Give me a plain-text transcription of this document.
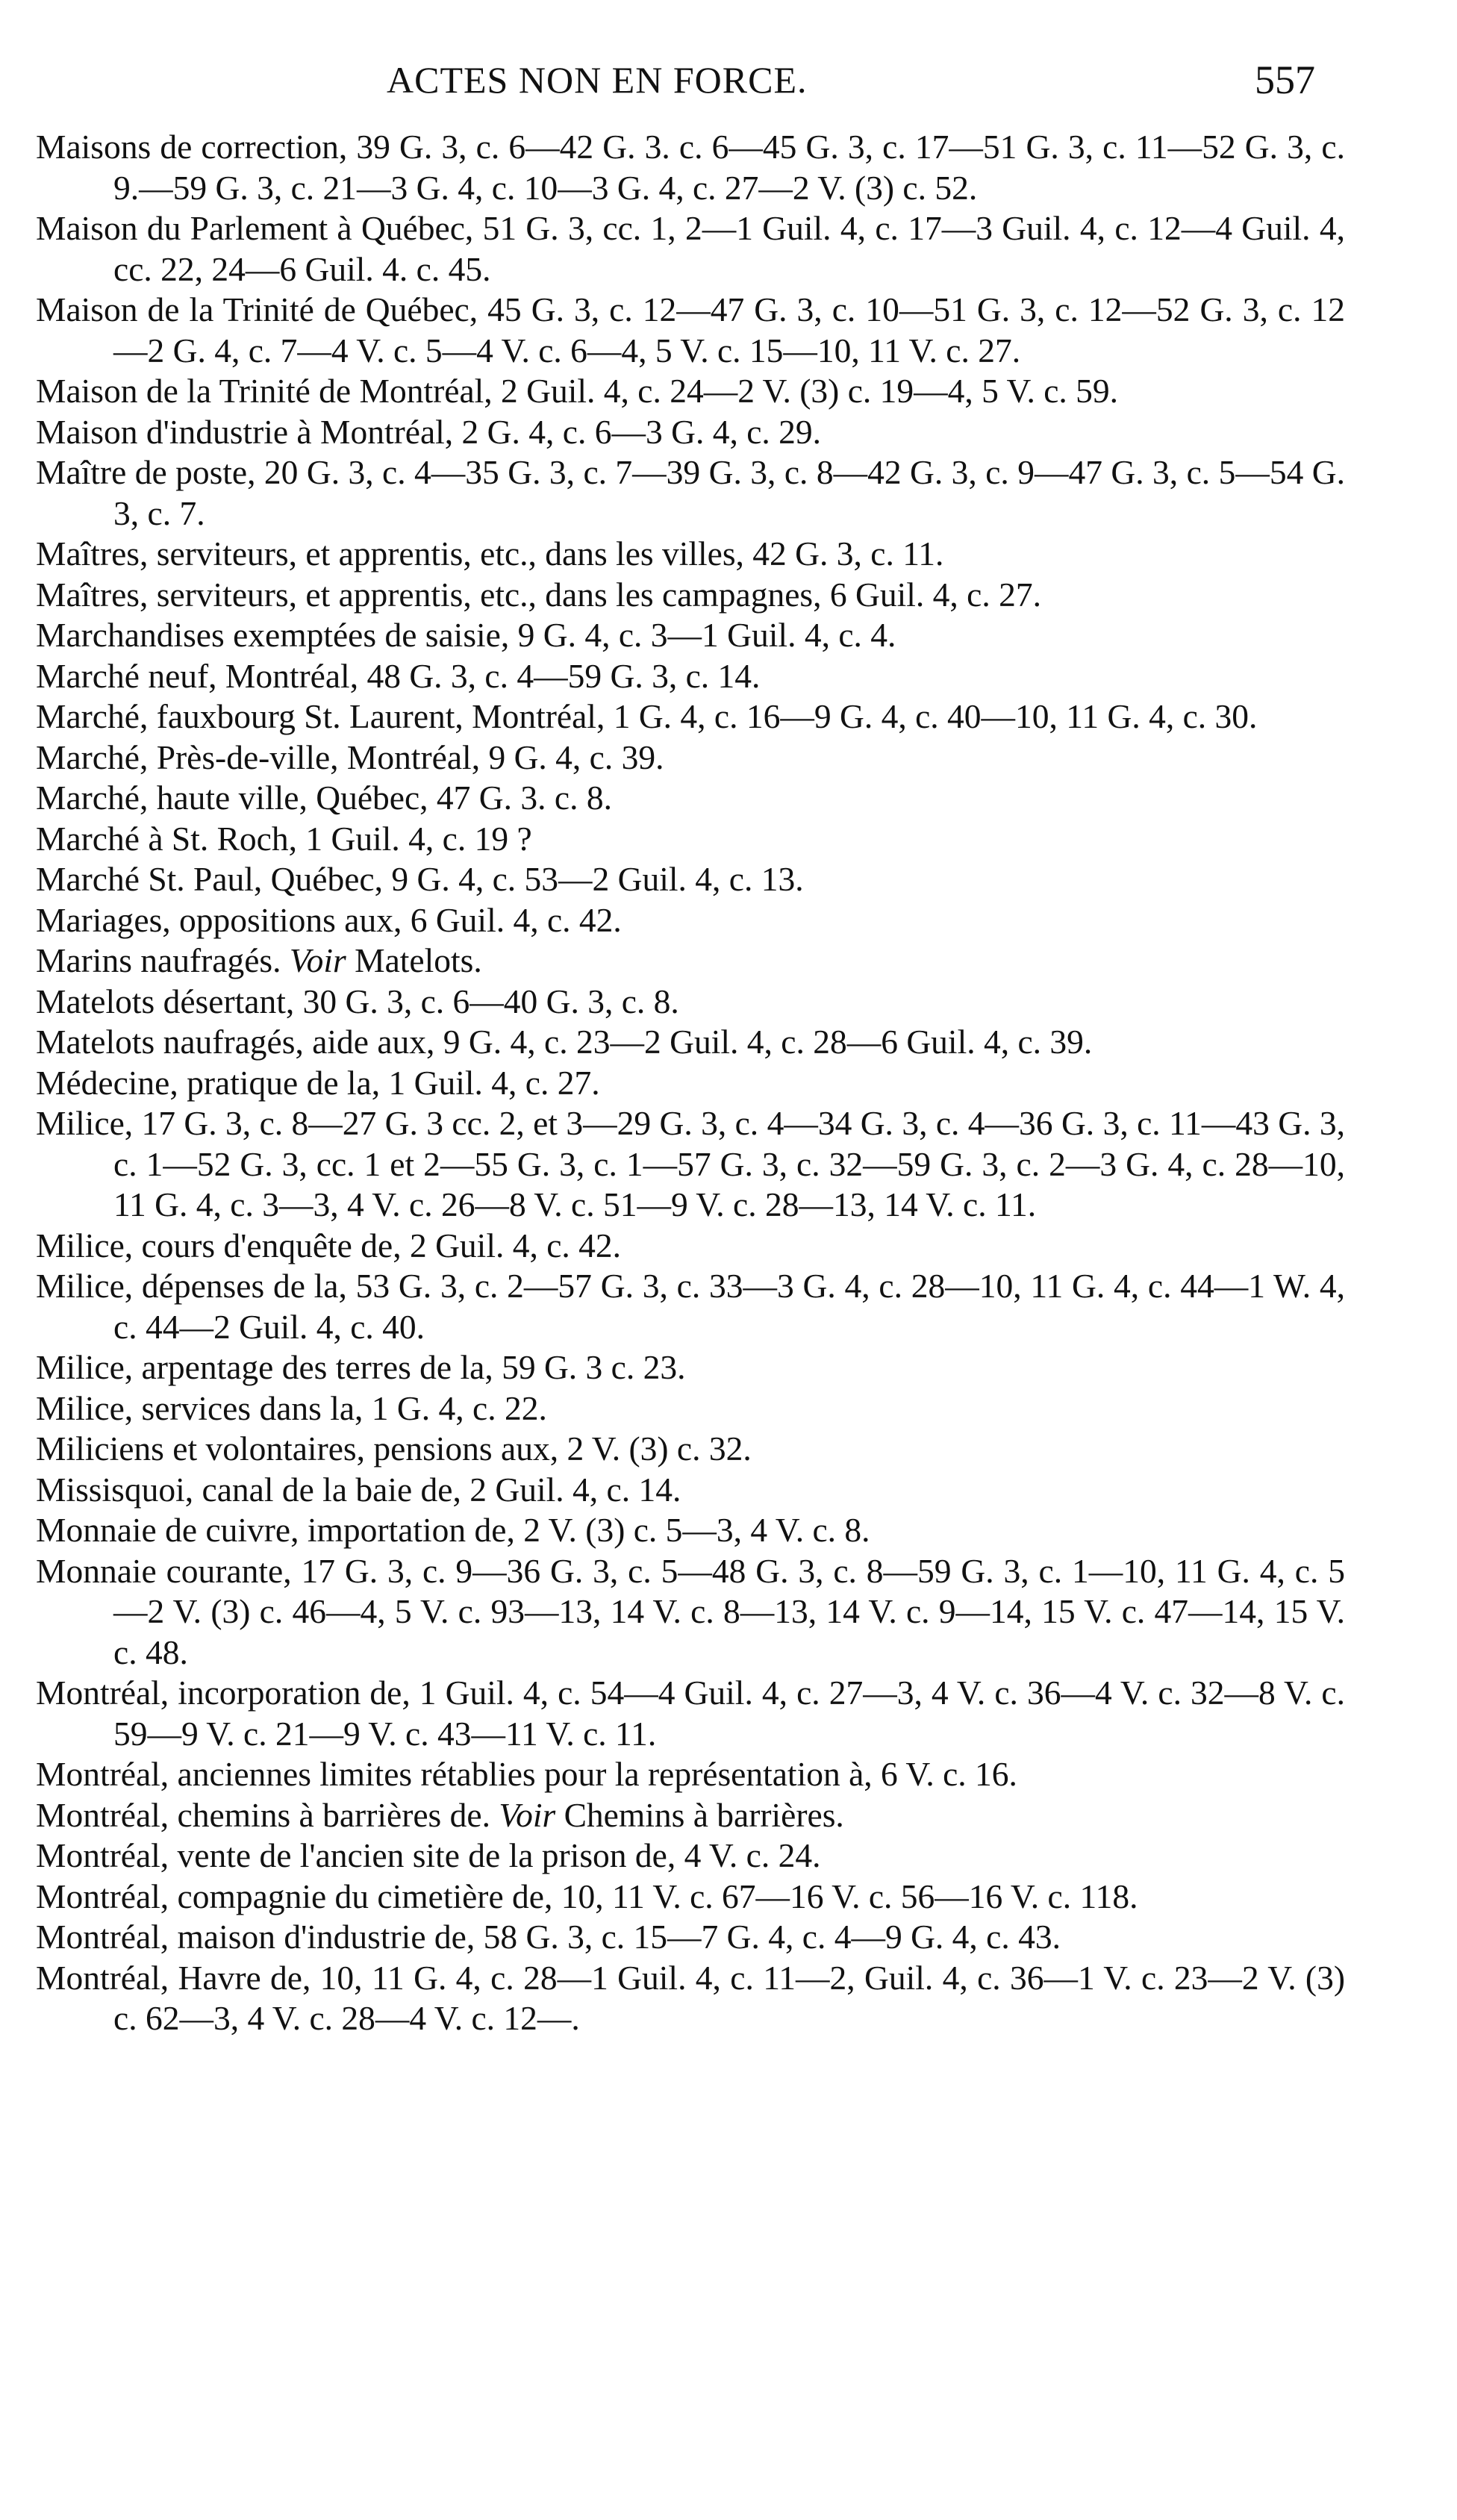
ACTES NON EN FORCE.	557
Maisons de correction, 39 G. 3, c. 6—42 G. 3. c. 6—45 G. 3, c. 17—51 G. 3, c. 11—52 G. 3, c. 9.—59 G. 3, c. 21—3 G. 4, c. 10—3 G. 4, c. 27—2 V. (3) c. 52.
Maison du Parlement à Québec, 51 G. 3, cc. 1, 2—1 Guil. 4, c. 17—3 Guil. 4, c. 12—4 Guil. 4, cc. 22, 24—6 Guil. 4. c. 45.
Maison de la Trinité de Québec, 45 G. 3, c. 12—47 G. 3, c. 10—51 G. 3, c. 12—52 G. 3, c. 12—2 G. 4, c. 7—4 V. c. 5—4 V. c. 6—4, 5 V. c. 15—10, 11 V. c. 27.
Maison de la Trinité de Montréal, 2 Guil. 4, c. 24—2 V. (3) c. 19—4, 5 V. c. 59.
Maison d'industrie à Montréal, 2 G. 4, c. 6—3 G. 4, c. 29.
Maître de poste, 20 G. 3, c. 4—35 G. 3, c. 7—39 G. 3, c. 8—42 G. 3, c. 9—47 G. 3, c. 5—54 G. 3, c. 7.
Maîtres, serviteurs, et apprentis, etc., dans les villes, 42 G. 3, c. 11.
Maîtres, serviteurs, et apprentis, etc., dans les campagnes, 6 Guil. 4, c. 27.
Marchandises exemptées de saisie, 9 G. 4, c. 3—1 Guil. 4, c. 4.
Marché neuf, Montréal, 48 G. 3, c. 4—59 G. 3, c. 14.
Marché, fauxbourg St. Laurent, Montréal, 1 G. 4, c. 16—9 G. 4, c. 40—10, 11 G. 4, c. 30.
Marché, Près-de-ville, Montréal, 9 G. 4, c. 39.
Marché, haute ville, Québec, 47 G. 3. c. 8.
Marché à St. Roch, 1 Guil. 4, c. 19 ?
Marché St. Paul, Québec, 9 G. 4, c. 53—2 Guil. 4, c. 13.
Mariages, oppositions aux, 6 Guil. 4, c. 42.
Marins naufragés. Voir Matelots.
Matelots désertant, 30 G. 3, c. 6—40 G. 3, c. 8.
Matelots naufragés, aide aux, 9 G. 4, c. 23—2 Guil. 4, c. 28—6 Guil. 4, c. 39.
Médecine, pratique de la, 1 Guil. 4, c. 27.
Milice, 17 G. 3, c. 8—27 G. 3 cc. 2, et 3—29 G. 3, c. 4—34 G. 3, c. 4—36 G. 3, c. 11—43 G. 3, c. 1—52 G. 3, cc. 1 et 2—55 G. 3, c. 1—57 G. 3, c. 32—59 G. 3, c. 2—3 G. 4, c. 28—10, 11 G. 4, c. 3—3, 4 V. c. 26—8 V. c. 51—9 V. c. 28—13, 14 V. c. 11.
Milice, cours d'enquête de, 2 Guil. 4, c. 42.
Milice, dépenses de la, 53 G. 3, c. 2—57 G. 3, c. 33—3 G. 4, c. 28—10, 11 G. 4, c. 44—1 W. 4, c. 44—2 Guil. 4, c. 40.
Milice, arpentage des terres de la, 59 G. 3 c. 23.
Milice, services dans la, 1 G. 4, c. 22.
Miliciens et volontaires, pensions aux, 2 V. (3) c. 32.
Missisquoi, canal de la baie de, 2 Guil. 4, c. 14.
Monnaie de cuivre, importation de, 2 V. (3) c. 5—3, 4 V. c. 8.
Monnaie courante, 17 G. 3, c. 9—36 G. 3, c. 5—48 G. 3, c. 8—59 G. 3, c. 1—10, 11 G. 4, c. 5—2 V. (3) c. 46—4, 5 V. c. 93—13, 14 V. c. 8—13, 14 V. c. 9—14, 15 V. c. 47—14, 15 V. c. 48.
Montréal, incorporation de, 1 Guil. 4, c. 54—4 Guil. 4, c. 27—3, 4 V. c. 36—4 V. c. 32—8 V. c. 59—9 V. c. 21—9 V. c. 43—11 V. c. 11.
Montréal, anciennes limites rétablies pour la représentation à, 6 V. c. 16.
Montréal, chemins à barrières de. Voir Chemins à barrières.
Montréal, vente de l'ancien site de la prison de, 4 V. c. 24.
Montréal, compagnie du cimetière de, 10, 11 V. c. 67—16 V. c. 56—16 V. c. 118.
Montréal, maison d'industrie de, 58 G. 3, c. 15—7 G. 4, c. 4—9 G. 4, c. 43.
Montréal, Havre de, 10, 11 G. 4, c. 28—1 Guil. 4, c. 11—2, Guil. 4, c. 36—1 V. c. 23—2 V. (3) c. 62—3, 4 V. c. 28—4 V. c. 12—.
